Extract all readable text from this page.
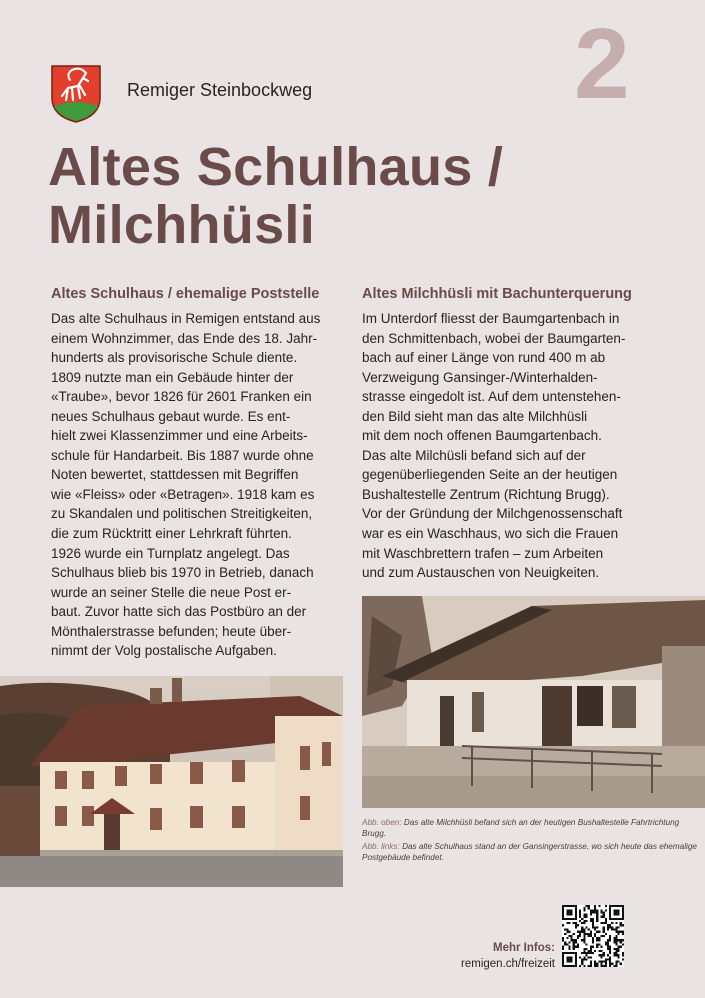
Remiger Steinbockweg	2
Altes Schulhaus /
Milchhüsli
Altes Schulhaus / ehemalige Poststelle
Das alte Schulhaus in Remigen entstand aus
einem Wohnzimmer, das Ende des 18. Jahr-
hunderts als provisorische Schule diente.
1809 nutzte man ein Gebäude hinter der
«Traube», bevor 1826 für 2601 Franken ein
neues Schulhaus gebaut wurde. Es ent-
hielt zwei Klassenzimmer und eine Arbeits-
schule für Handarbeit. Bis 1887 wurde ohne
Noten bewertet, stattdessen mit Begriffen
wie «Fleiss» oder «Betragen». 1918 kam es
zu Skandalen und politischen Streitigkeiten,
die zum Rücktritt einer Lehrkraft führten.
1926 wurde ein Turnplatz angelegt. Das
Schulhaus blieb bis 1970 in Betrieb, danach
wurde an seiner Stelle die neue Post er-
baut. Zuvor hatte sich das Postbüro an der
Mönthalerstrasse befunden; heute über-
nimmt der Volg postalische Aufgaben.
Altes Milchhüsli mit Bachunterquerung
Im Unterdorf fliesst der Baumgartenbach in
den Schmittenbach, wobei der Baumgarten-
bach auf einer Länge von rund 400 m ab
Verzweigung Gansinger-/Winterhalden-
strasse eingedolt ist. Auf dem untenstehen-
den Bild sieht man das alte Milchhüsli
mit dem noch offenen Baumgartenbach.
Das alte Milchüsli befand sich auf der
gegenüberliegenden Seite an der heutigen
Bushaltestelle Zentrum (Richtung Brugg).
Vor der Gründung der Milchgenossenschaft
war es ein Waschhaus, wo sich die Frauen
mit Waschbrettern trafen – zum Arbeiten
und zum Austauschen von Neuigkeiten.
Abb. oben: Das alte Milchhüsli befand sich an der heutigen Bushaltestelle Fahrtrichtung Brugg.
Abb. links: Das alte Schulhaus stand an der Gansingerstrasse, wo sich heute das ehemalige Postgebäude befindet.
Mehr Infos:
remigen.ch/freizeit
